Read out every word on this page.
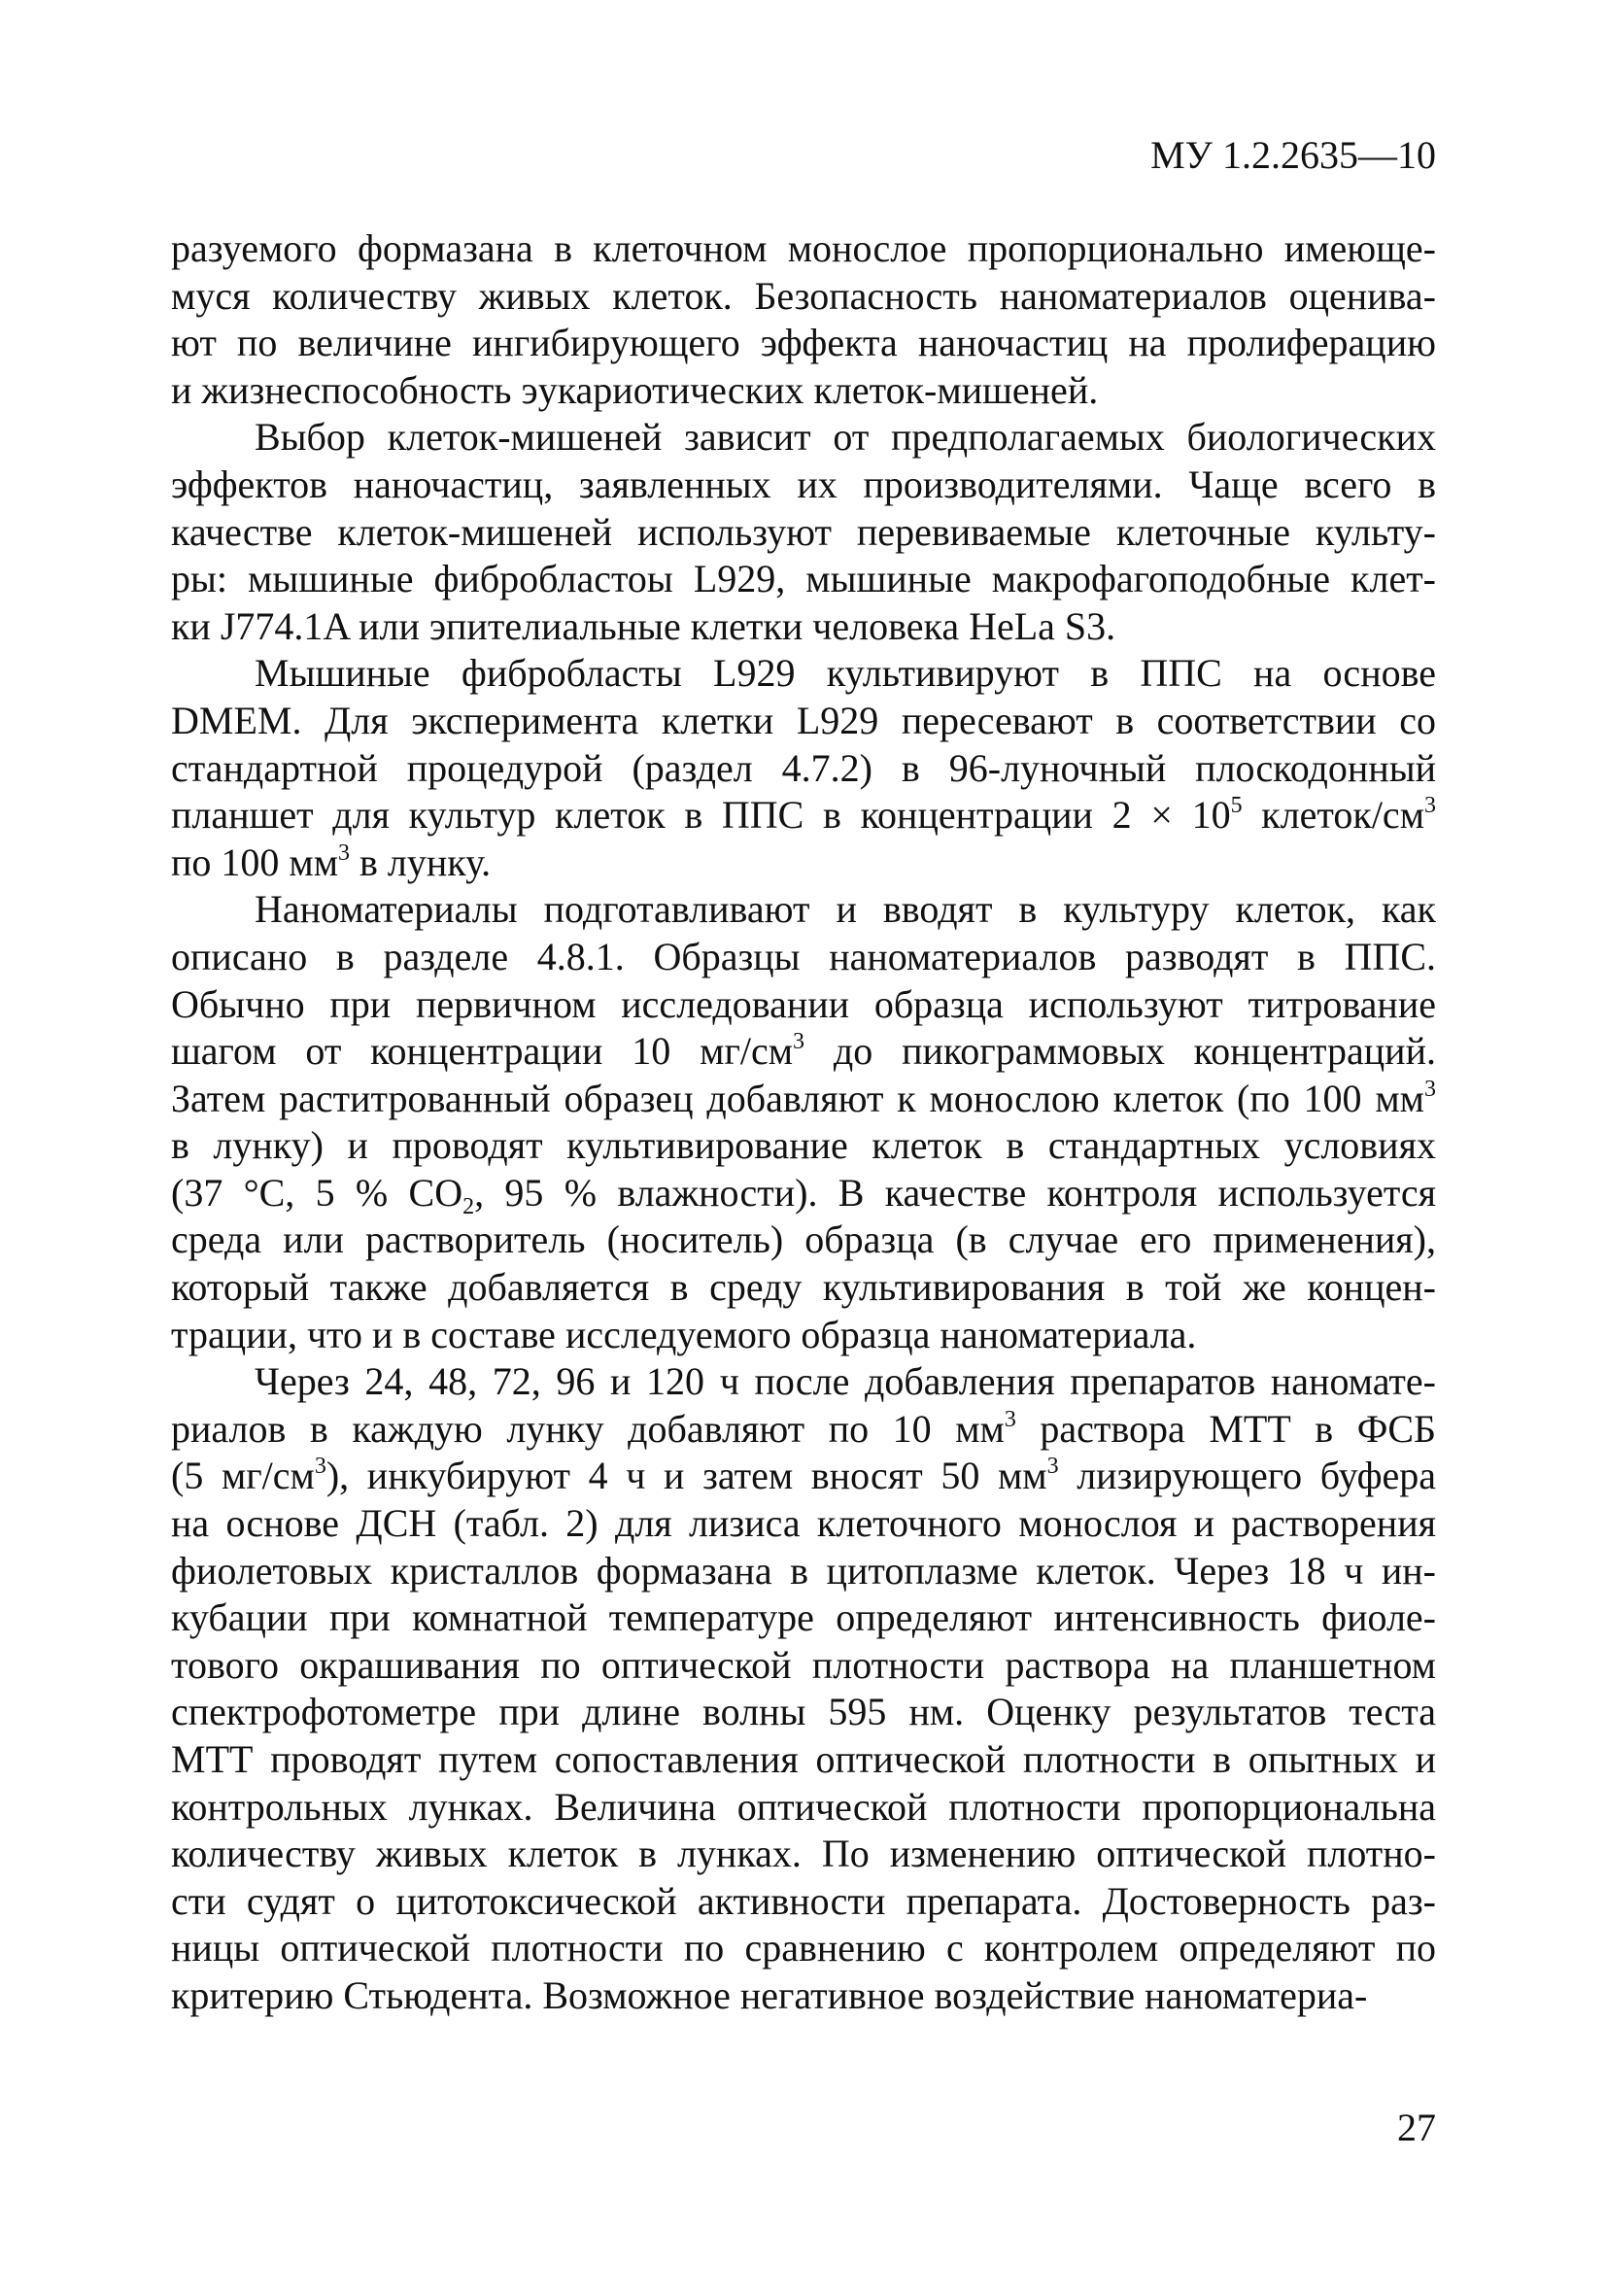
МУ 1.2.2635—10
разуемого формазана в клеточном монослое пропорционально имеюще-
муся количеству живых клеток. Безопасность наноматериалов оценива-
ют по величине ингибирующего эффекта наночастиц на пролиферацию
и жизнеспособность эукариотических клеток-мишеней.
Выбор клеток-мишеней зависит от предполагаемых биологических
эффектов наночастиц, заявленных их производителями. Чаще всего в
качестве клеток-мишеней используют перевиваемые клеточные культу-
ры: мышиные фибробластоы L929, мышиные макрофагоподобные клет-
ки J774.1A или эпителиальные клетки человека HeLa S3.
Мышиные фибробласты L929 культивируют в ППС на основе
DMEM. Для эксперимента клетки L929 пересевают в соответствии со
стандартной процедурой (раздел 4.7.2) в 96-луночный плоскодонный
планшет для культур клеток в ППС в концентрации $2 \times 10^5$ клеток/$см^3$
по 100 $мм^3$ в лунку.
Наноматериалы подготавливают и вводят в культуру клеток, как
описано в разделе 4.8.1. Образцы наноматериалов разводят в ППС.
Обычно при первичном исследовании образца используют титрование
шагом от концентрации 10 $мг/см^3$ до пикограммовых концентраций.
Затем раститрованный образец добавляют к монослою клеток (по 100 $мм^3$
в лунку) и проводят культивирование клеток в стандартных условиях
(37 °С, 5 % $СО_2$, 95 % влажности). В качестве контроля используется
среда или растворитель (носитель) образца (в случае его применения),
который также добавляется в среду культивирования в той же концен-
трации, что и в составе исследуемого образца наноматериала.
Через 24, 48, 72, 96 и 120 ч после добавления препаратов наномате-
риалов в каждую лунку добавляют по 10 $мм^3$ раствора МТТ в ФСБ
(5 $мг/см^3$), инкубируют 4 ч и затем вносят 50 $мм^3$ лизирующего буфера
на основе ДСН (табл. 2) для лизиса клеточного монослоя и растворения
фиолетовых кристаллов формазана в цитоплазме клеток. Через 18 ч ин-
кубации при комнатной температуре определяют интенсивность фиоле-
тового окрашивания по оптической плотности раствора на планшетном
спектрофотометре при длине волны 595 нм. Оценку результатов теста
МТТ проводят путем сопоставления оптической плотности в опытных и
контрольных лунках. Величина оптической плотности пропорциональна
количеству живых клеток в лунках. По изменению оптической плотно-
сти судят о цитотоксической активности препарата. Достоверность раз-
ницы оптической плотности по сравнению с контролем определяют по
критерию Стьюдента. Возможное негативное воздействие наноматериа-
27
